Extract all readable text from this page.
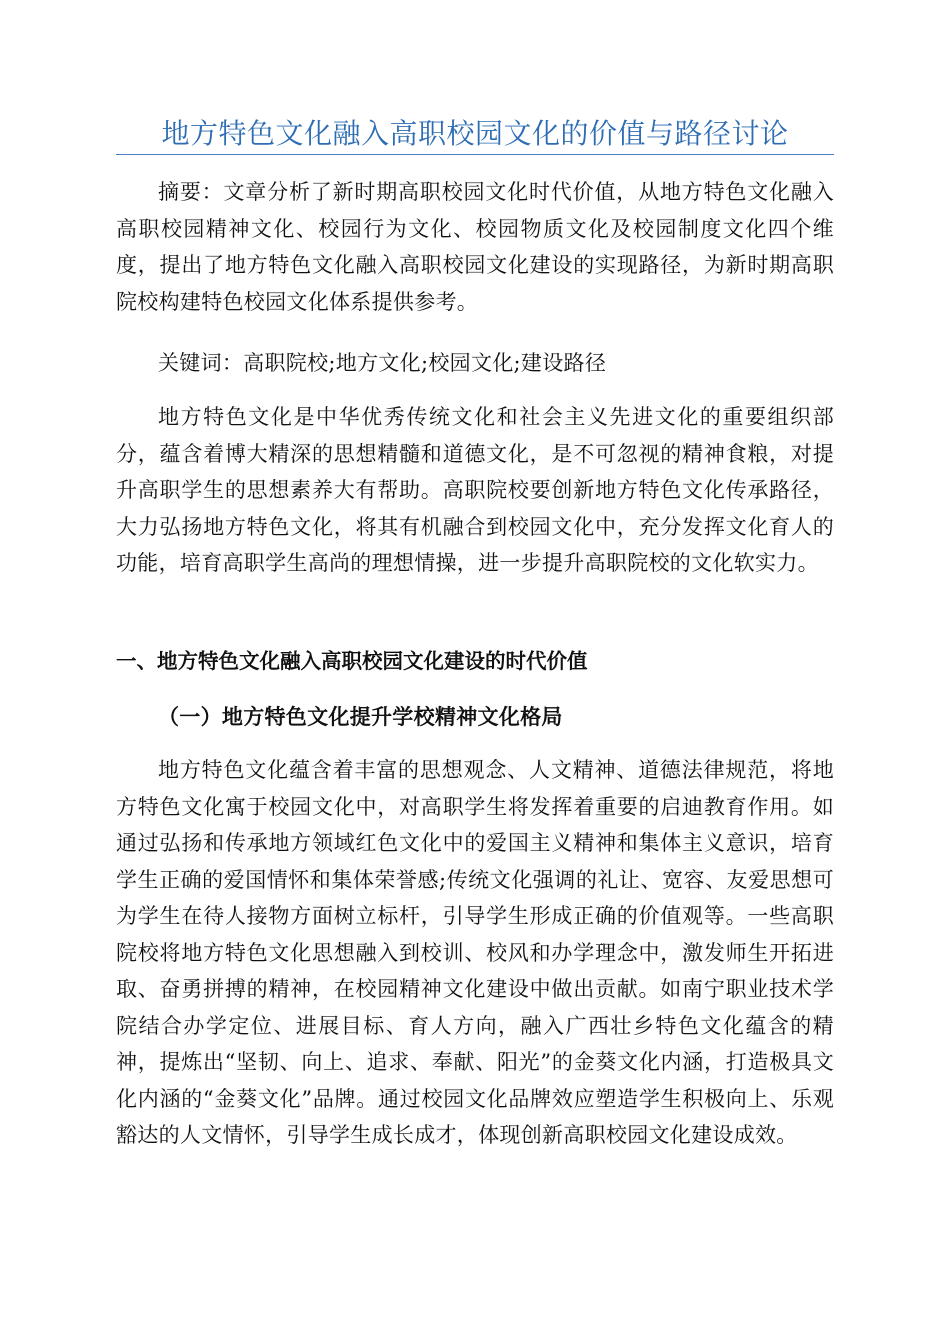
地方特色文化融入高职校园文化的价值与路径讨论

摘要：文章分析了新时期高职校园文化时代价值，从地方特色文化融入高职校园精神文化、校园行为文化、校园物质文化及校园制度文化四个维度，提出了地方特色文化融入高职校园文化建设的实现路径，为新时期高职院校构建特色校园文化体系提供参考。

关键词：高职院校;地方文化;校园文化;建设路径

地方特色文化是中华优秀传统文化和社会主义先进文化的重要组织部分，蕴含着博大精深的思想精髓和道德文化，是不可忽视的精神食粮，对提升高职学生的思想素养大有帮助。高职院校要创新地方特色文化传承路径，大力弘扬地方特色文化，将其有机融合到校园文化中，充分发挥文化育人的功能，培育高职学生高尚的理想情操，进一步提升高职院校的文化软实力。

一、地方特色文化融入高职校园文化建设的时代价值
（一）地方特色文化提升学校精神文化格局

地方特色文化蕴含着丰富的思想观念、人文精神、道德法律规范，将地方特色文化寓于校园文化中，对高职学生将发挥着重要的启迪教育作用。如通过弘扬和传承地方领域红色文化中的爱国主义精神和集体主义意识，培育学生正确的爱国情怀和集体荣誉感;传统文化强调的礼让、宽容、友爱思想可为学生在待人接物方面树立标杆，引导学生形成正确的价值观等。一些高职院校将地方特色文化思想融入到校训、校风和办学理念中，激发师生开拓进取、奋勇拼搏的精神，在校园精神文化建设中做出贡献。如南宁职业技术学院结合办学定位、进展目标、育人方向，融入广西壮乡特色文化蕴含的精神，提炼出“坚韧、向上、追求、奉献、阳光”的金葵文化内涵，打造极具文化内涵的“金葵文化”品牌。通过校园文化品牌效应塑造学生积极向上、乐观豁达的人文情怀，引导学生成长成才，体现创新高职校园文化建设成效。
